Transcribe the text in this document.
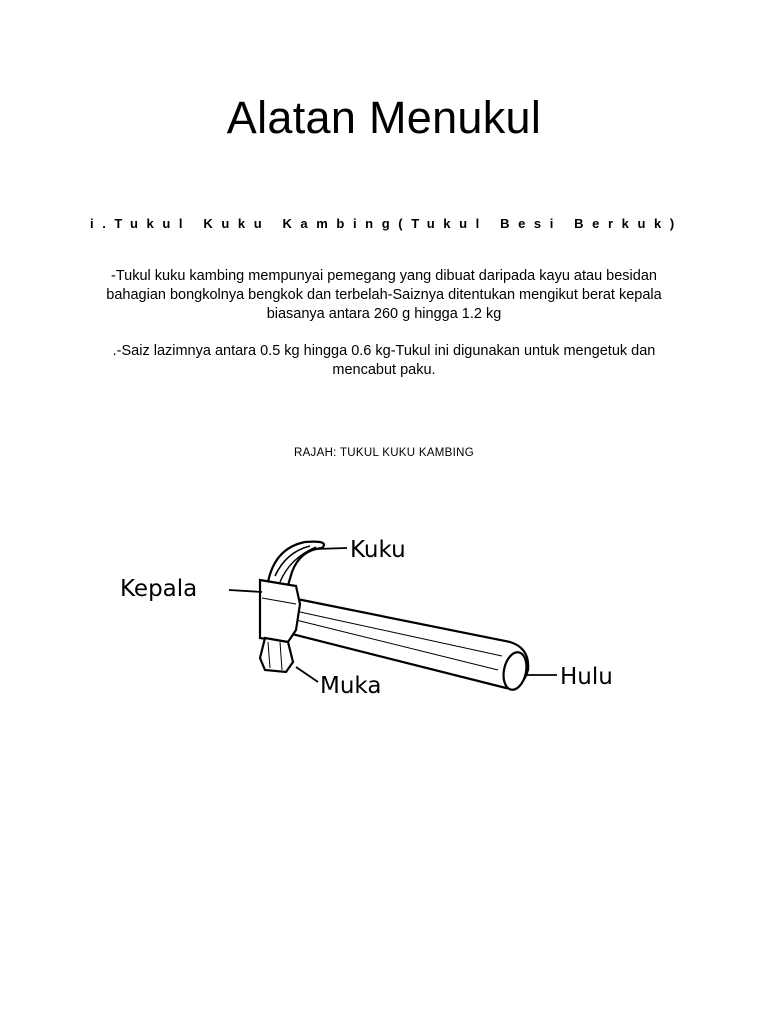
Alatan Menukul
i.Tukul Kuku Kambing(Tukul Besi Berkuk)

-Tukul kuku kambing mempunyai pemegang yang dibuat daripada kayu atau besidan bahagian bongkolnya bengkok dan terbelah-Saiznya ditentukan mengikut berat kepala biasanya antara 260 g hingga 1.2 kg

.-Saiz lazimnya antara 0.5 kg hingga 0.6 kg-Tukul ini digunakan untuk mengetuk dan mencabut paku.

RAJAH: TUKUL KUKU KAMBING
Kuku
Kepala
Muka	Hulu
